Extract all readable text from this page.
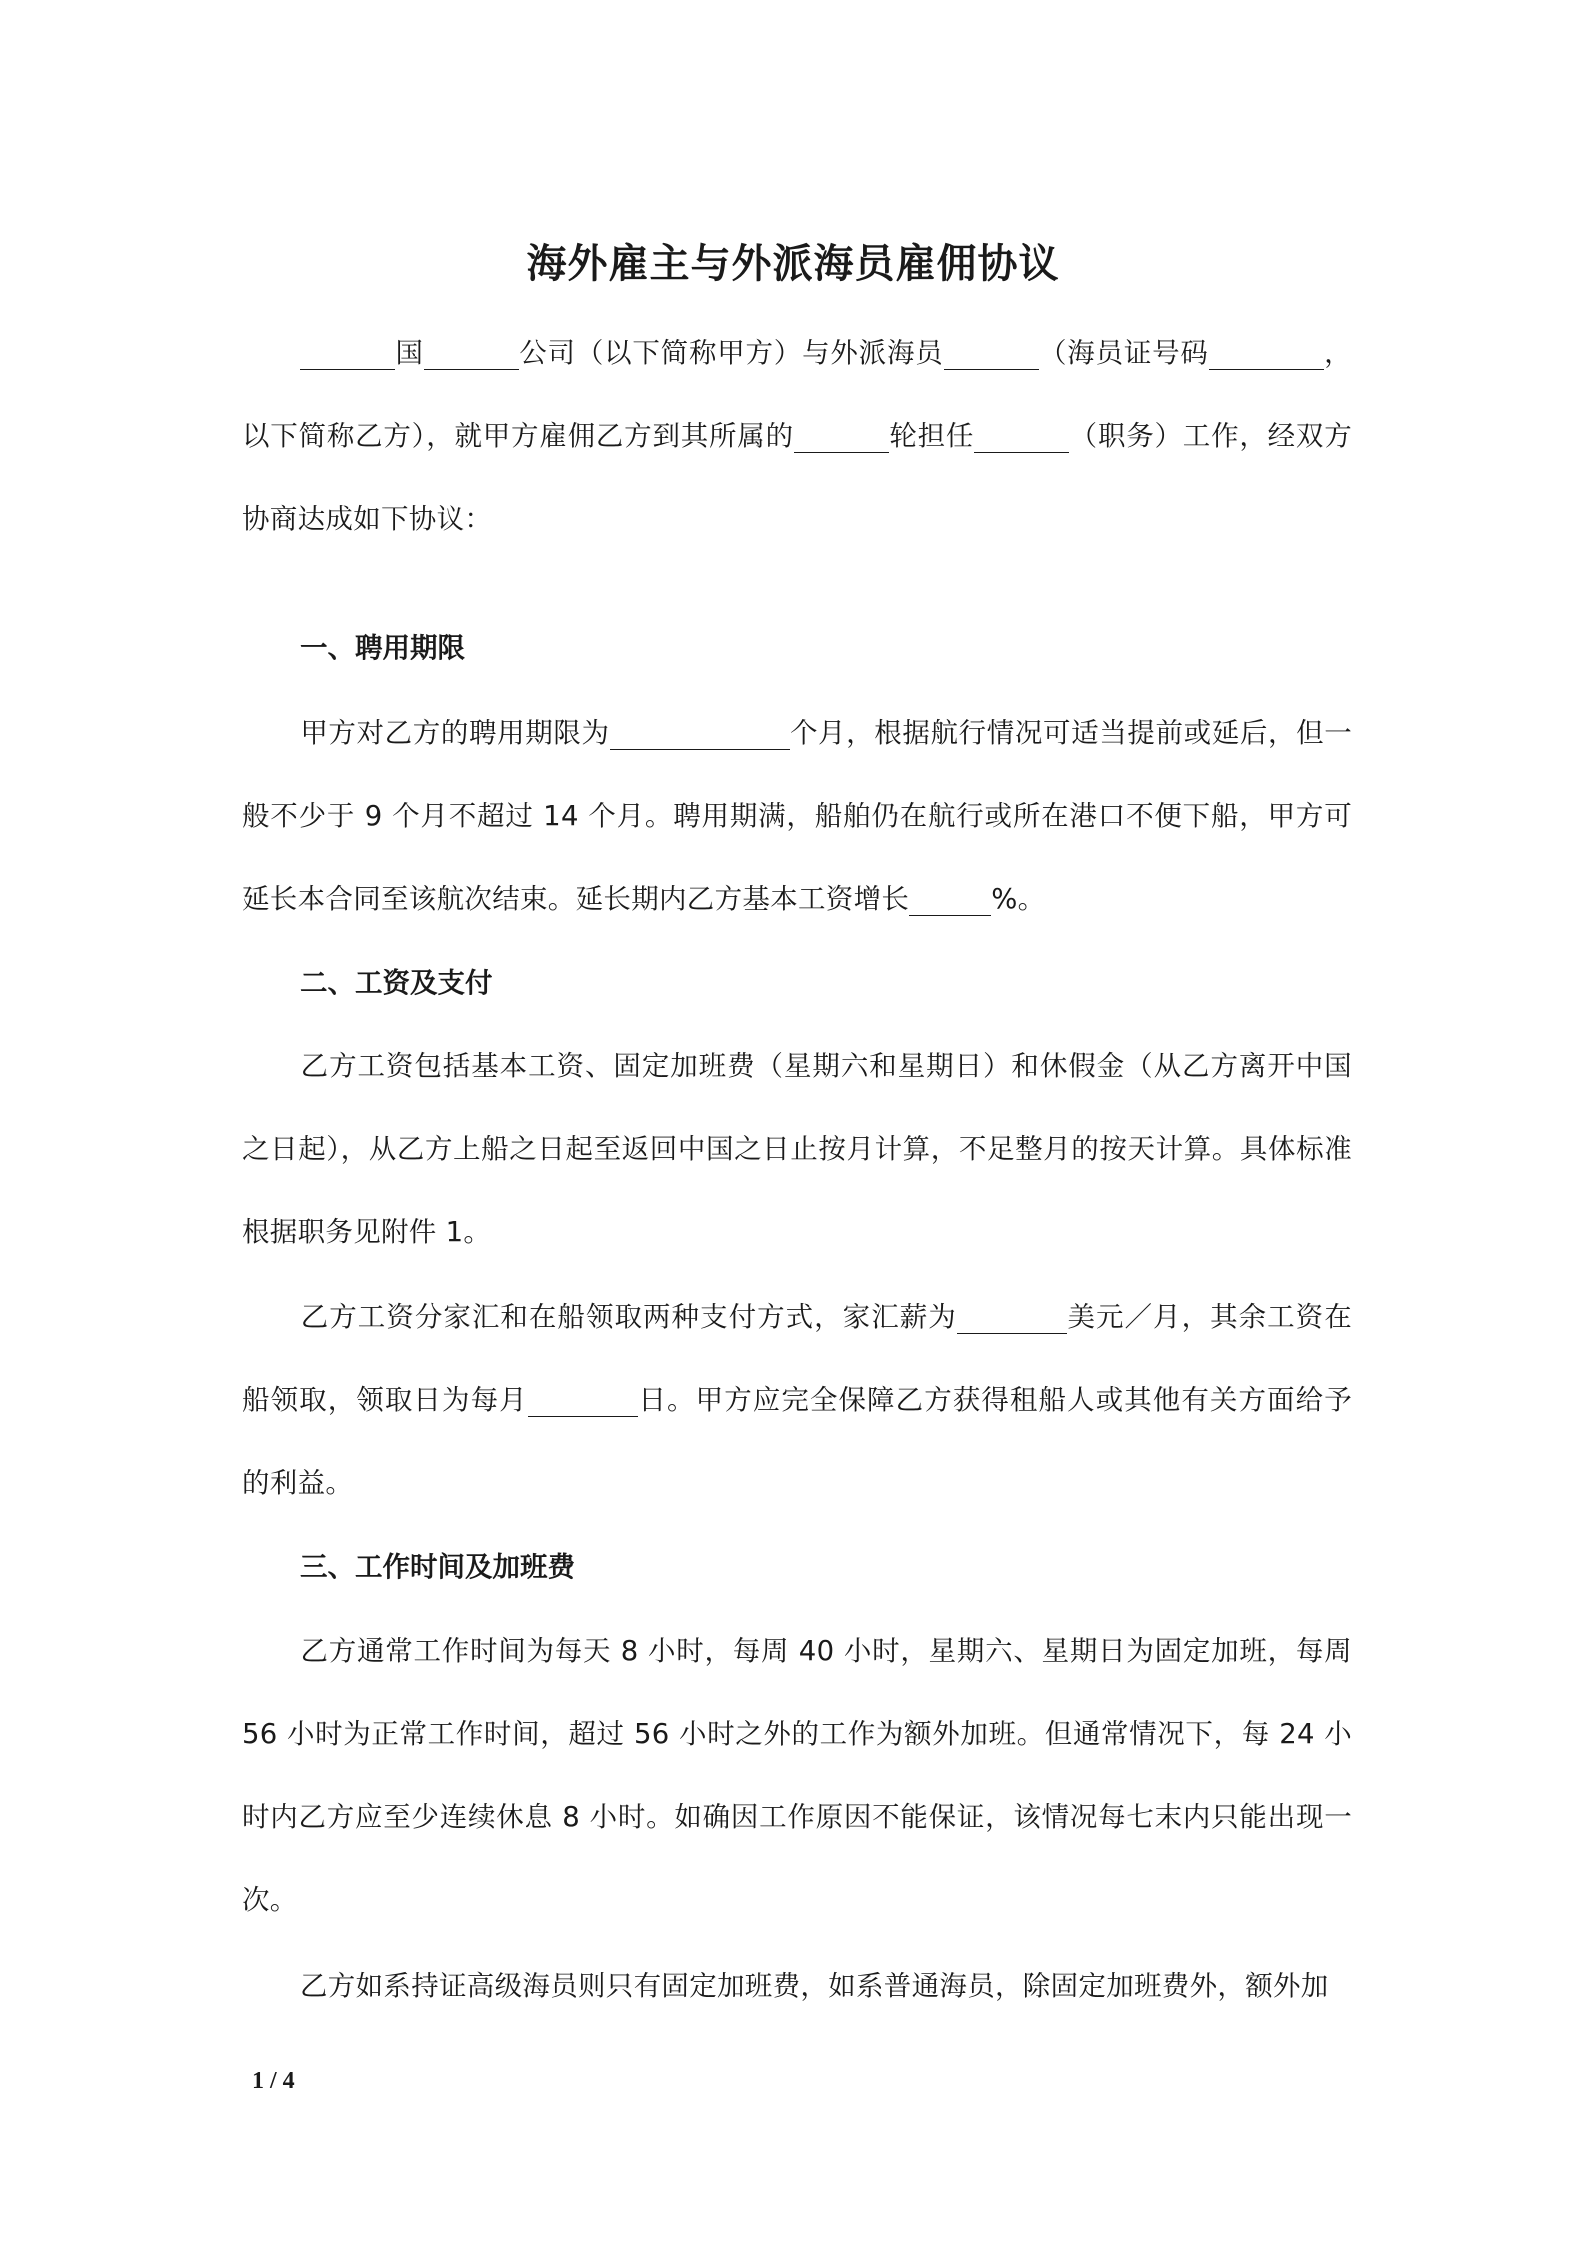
海外雇主与外派海员雇佣协议

国	公司（以下简称甲方）与外派海员	（海员证号码	，以下简称乙方），就甲方雇佣乙方到其所属的	轮担任	（职务）工作，经双方协商达成如下协议：

一、聘用期限

甲方对乙方的聘用期限为	个月，根据航行情况可适当提前或延后，但一般不少于 9 个月不超过 14 个月。聘用期满，船舶仍在航行或所在港口不便下船，甲方可延长本合同至该航次结束。延长期内乙方基本工资增长	%。

二、工资及支付

乙方工资包括基本工资、固定加班费（星期六和星期日）和休假金（从乙方离开中国之日起），从乙方上船之日起至返回中国之日止按月计算，不足整月的按天计算。具体标准根据职务见附件 1。

乙方工资分家汇和在船领取两种支付方式，家汇薪为	美元／月，其余工资在船领取，领取日为每月	日。甲方应完全保障乙方获得租船人或其他有关方面给予的利益。

三、工作时间及加班费

乙方通常工作时间为每天 8 小时，每周 40 小时，星期六、星期日为固定加班，每周 56 小时为正常工作时间，超过 56 小时之外的工作为额外加班。但通常情况下，每 24 小时内乙方应至少连续休息 8 小时。如确因工作原因不能保证，该情况每七末内只能出现一次。

乙方如系持证高级海员则只有固定加班费，如系普通海员，除固定加班费外，额外加

1 / 4
